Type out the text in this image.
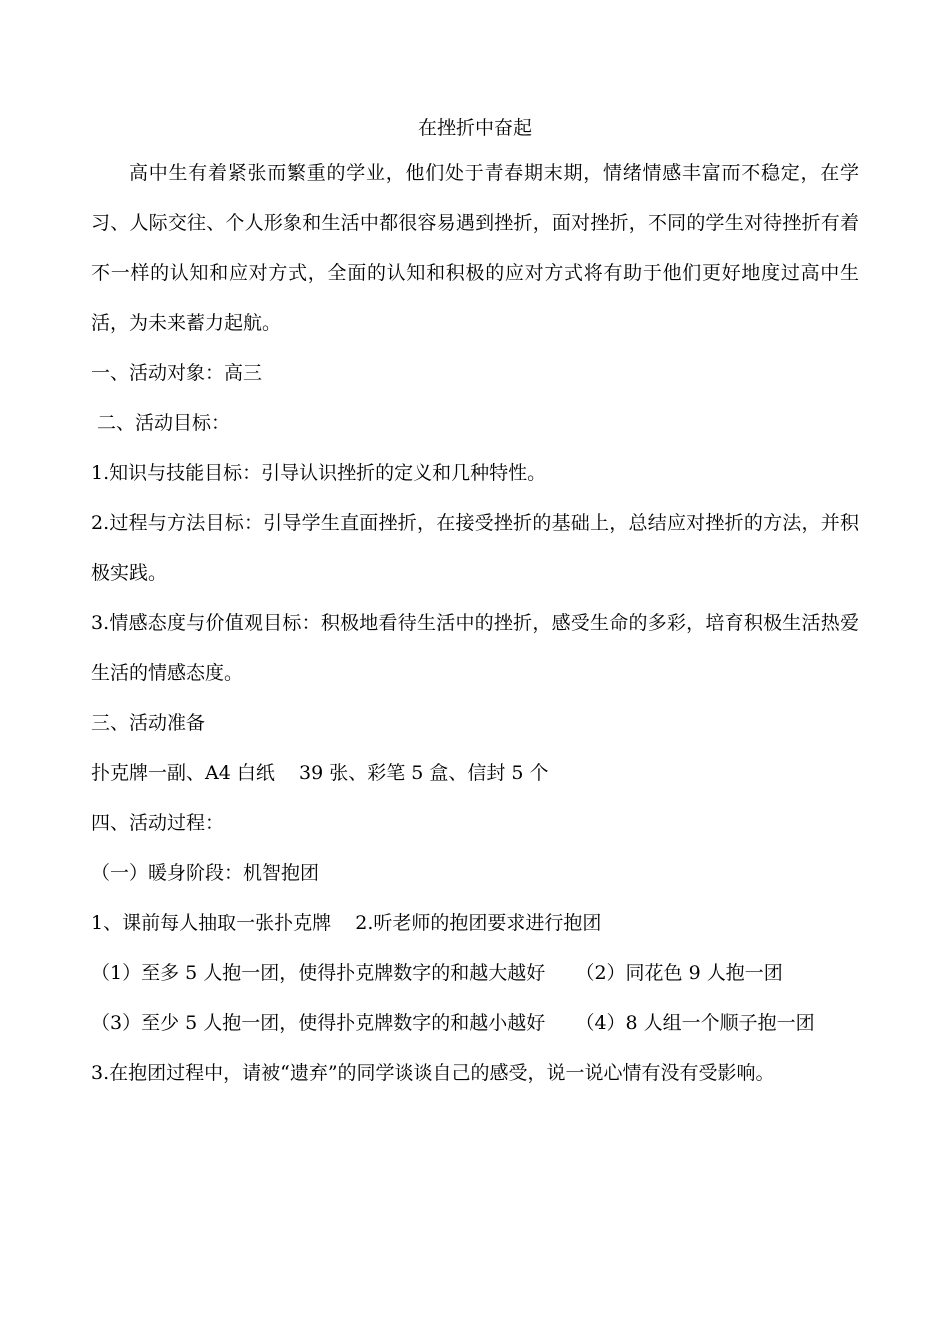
在挫折中奋起

高中生有着紧张而繁重的学业，他们处于青春期末期，情绪情感丰富而不稳定，在学习、人际交往、个人形象和生活中都很容易遇到挫折，面对挫折，不同的学生对待挫折有着不一样的认知和应对方式，全面的认知和积极的应对方式将有助于他们更好地度过高中生活，为未来蓄力起航。

一、活动对象：高三

二、活动目标：

1.知识与技能目标：引导认识挫折的定义和几种特性。

2.过程与方法目标：引导学生直面挫折，在接受挫折的基础上，总结应对挫折的方法，并积极实践。

3.情感态度与价值观目标：积极地看待生活中的挫折，感受生命的多彩，培育积极生活热爱生活的情感态度。

三、活动准备

扑克牌一副、A4 白纸    39 张、彩笔 5 盒、信封 5 个

四、活动过程：

（一）暖身阶段：机智抱团

1、课前每人抽取一张扑克牌    2.听老师的抱团要求进行抱团

（1）至多 5 人抱一团，使得扑克牌数字的和越大越好     （2）同花色 9 人抱一团

（3）至少 5 人抱一团，使得扑克牌数字的和越小越好     （4）8 人组一个顺子抱一团

3.在抱团过程中，请被“遗弃”的同学谈谈自己的感受，说一说心情有没有受影响。
